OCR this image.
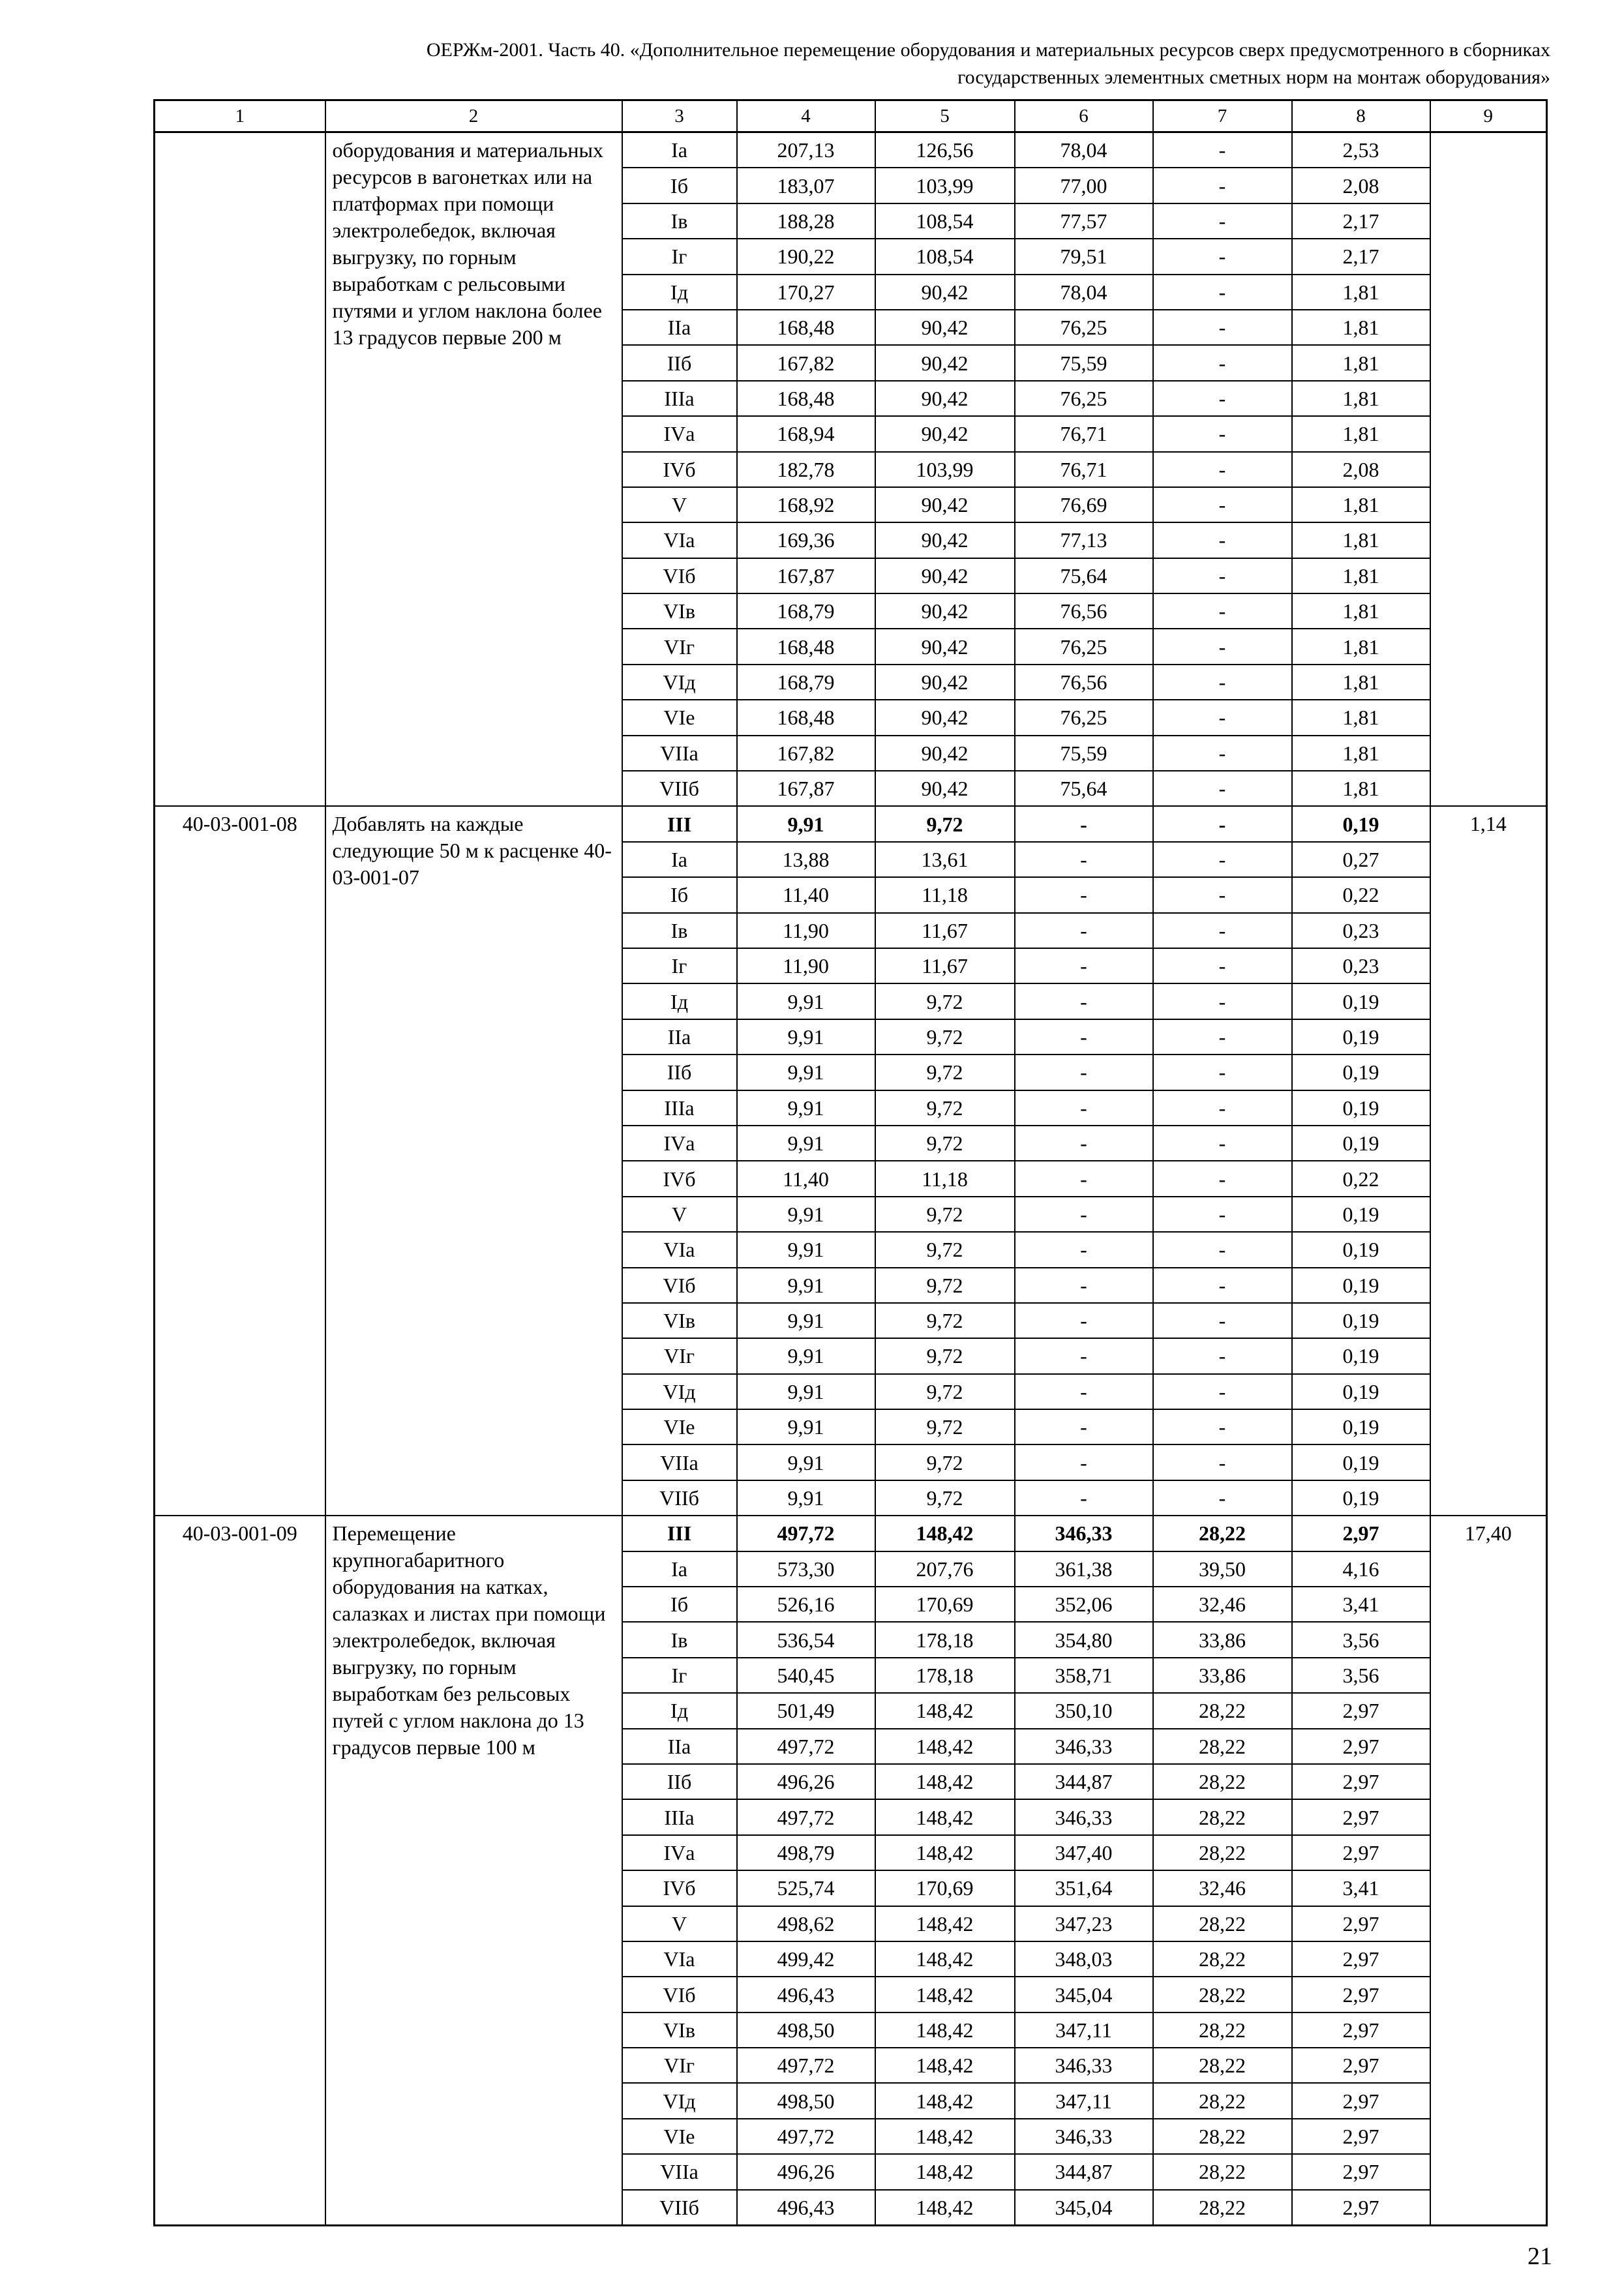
ОЕРЖм-2001. Часть 40. «Дополнительное перемещение оборудования и материальных ресурсов сверх предусмотренного в сборниках
государственных элементных сметных норм на монтаж оборудования»
1	2	3	4	5	6	7	8	9
	оборудования и материальных ресурсов в вагонетках или на платформах при помощи электролебедок, включая выгрузку, по горным выработкам с рельсовыми путями и углом наклона более 13 градусов первые 200 м	Iа	207,13	126,56	78,04	-	2,53	
		Iб	183,07	103,99	77,00	-	2,08	
		Iв	188,28	108,54	77,57	-	2,17	
		Iг	190,22	108,54	79,51	-	2,17	
		Iд	170,27	90,42	78,04	-	1,81	
		IIа	168,48	90,42	76,25	-	1,81	
		IIб	167,82	90,42	75,59	-	1,81	
		IIIа	168,48	90,42	76,25	-	1,81	
		IVа	168,94	90,42	76,71	-	1,81	
		IVб	182,78	103,99	76,71	-	2,08	
		V	168,92	90,42	76,69	-	1,81	
		VIа	169,36	90,42	77,13	-	1,81	
		VIб	167,87	90,42	75,64	-	1,81	
		VIв	168,79	90,42	76,56	-	1,81	
		VIг	168,48	90,42	76,25	-	1,81	
		VIд	168,79	90,42	76,56	-	1,81	
		VIе	168,48	90,42	76,25	-	1,81	
		VIIа	167,82	90,42	75,59	-	1,81	
		VIIб	167,87	90,42	75,64	-	1,81	
40-03-001-08	Добавлять на каждые следующие 50 м к расценке 40-03-001-07	III	9,91	9,72	-	-	0,19	1,14
		Iа	13,88	13,61	-	-	0,27	
		Iб	11,40	11,18	-	-	0,22	
		Iв	11,90	11,67	-	-	0,23	
		Iг	11,90	11,67	-	-	0,23	
		Iд	9,91	9,72	-	-	0,19	
		IIа	9,91	9,72	-	-	0,19	
		IIб	9,91	9,72	-	-	0,19	
		IIIа	9,91	9,72	-	-	0,19	
		IVа	9,91	9,72	-	-	0,19	
		IVб	11,40	11,18	-	-	0,22	
		V	9,91	9,72	-	-	0,19	
		VIа	9,91	9,72	-	-	0,19	
		VIб	9,91	9,72	-	-	0,19	
		VIв	9,91	9,72	-	-	0,19	
		VIг	9,91	9,72	-	-	0,19	
		VIд	9,91	9,72	-	-	0,19	
		VIе	9,91	9,72	-	-	0,19	
		VIIа	9,91	9,72	-	-	0,19	
		VIIб	9,91	9,72	-	-	0,19	
40-03-001-09	Перемещение крупногабаритного оборудования на катках, салазках и листах при помощи электролебедок, включая выгрузку, по горным выработкам без рельсовых путей с углом наклона до 13 градусов первые 100 м	III	497,72	148,42	346,33	28,22	2,97	17,40
		Iа	573,30	207,76	361,38	39,50	4,16	
		Iб	526,16	170,69	352,06	32,46	3,41	
		Iв	536,54	178,18	354,80	33,86	3,56	
		Iг	540,45	178,18	358,71	33,86	3,56	
		Iд	501,49	148,42	350,10	28,22	2,97	
		IIа	497,72	148,42	346,33	28,22	2,97	
		IIб	496,26	148,42	344,87	28,22	2,97	
		IIIа	497,72	148,42	346,33	28,22	2,97	
		IVа	498,79	148,42	347,40	28,22	2,97	
		IVб	525,74	170,69	351,64	32,46	3,41	
		V	498,62	148,42	347,23	28,22	2,97	
		VIа	499,42	148,42	348,03	28,22	2,97	
		VIб	496,43	148,42	345,04	28,22	2,97	
		VIв	498,50	148,42	347,11	28,22	2,97	
		VIг	497,72	148,42	346,33	28,22	2,97	
		VIд	498,50	148,42	347,11	28,22	2,97	
		VIе	497,72	148,42	346,33	28,22	2,97	
		VIIа	496,26	148,42	344,87	28,22	2,97	
		VIIб	496,43	148,42	345,04	28,22	2,97	
21
